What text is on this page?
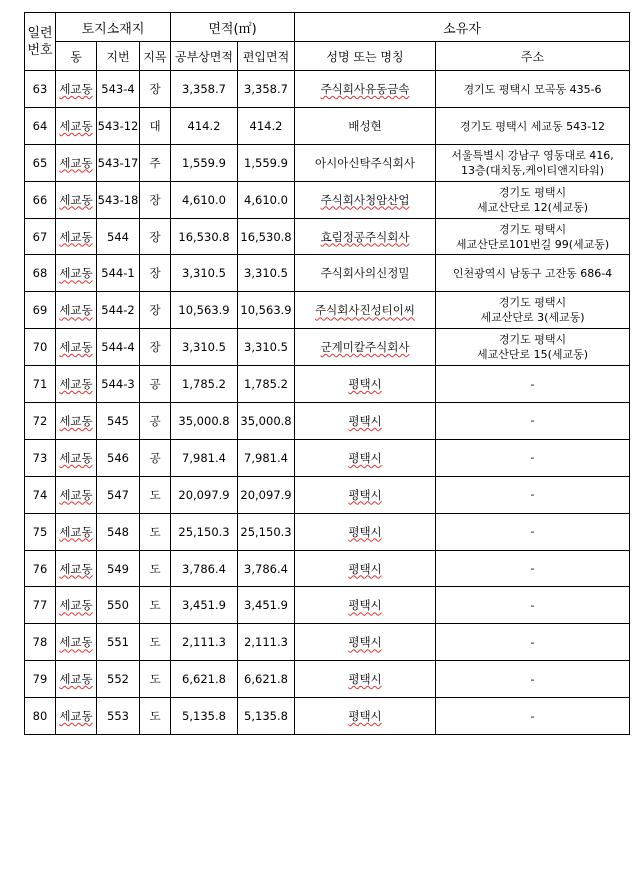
일련
번호	토지소재지			면적(㎡)		소유자	
	동	지번	지목	공부상면적	편입면적	성명 또는 명칭	주소
63	세교동	543-4	장	3,358.7	3,358.7	주식회사유동금속	경기도 평택시 모곡동 435-6
64	세교동	543-12	대	414.2	414.2	배성현	경기도 평택시 세교동 543-12
65	세교동	543-17	주	1,559.9	1,559.9	아시아신탁주식회사	서울특별시 강남구 영동대로 416,
13층(대치동,케이티앤지타워)
66	세교동	543-18	장	4,610.0	4,610.0	주식회사청암산업	경기도 평택시
세교산단로 12(세교동)
67	세교동	544	장	16,530.8	16,530.8	효림정공주식회사	경기도 평택시
세교산단로101번길 99(세교동)
68	세교동	544-1	장	3,310.5	3,310.5	주식회사의신정밀	인천광역시 남동구 고잔동 686-4
69	세교동	544-2	장	10,563.9	10,563.9	주식회사진성티이씨	경기도 평택시
세교산단로 3(세교동)
70	세교동	544-4	장	3,310.5	3,310.5	군계미칼주식회사	경기도 평택시
세교산단로 15(세교동)
71	세교동	544-3	공	1,785.2	1,785.2	평택시	-
72	세교동	545	공	35,000.8	35,000.8	평택시	-
73	세교동	546	공	7,981.4	7,981.4	평택시	-
74	세교동	547	도	20,097.9	20,097.9	평택시	-
75	세교동	548	도	25,150.3	25,150.3	평택시	-
76	세교동	549	도	3,786.4	3,786.4	평택시	-
77	세교동	550	도	3,451.9	3,451.9	평택시	-
78	세교동	551	도	2,111.3	2,111.3	평택시	-
79	세교동	552	도	6,621.8	6,621.8	평택시	-
80	세교동	553	도	5,135.8	5,135.8	평택시	-
